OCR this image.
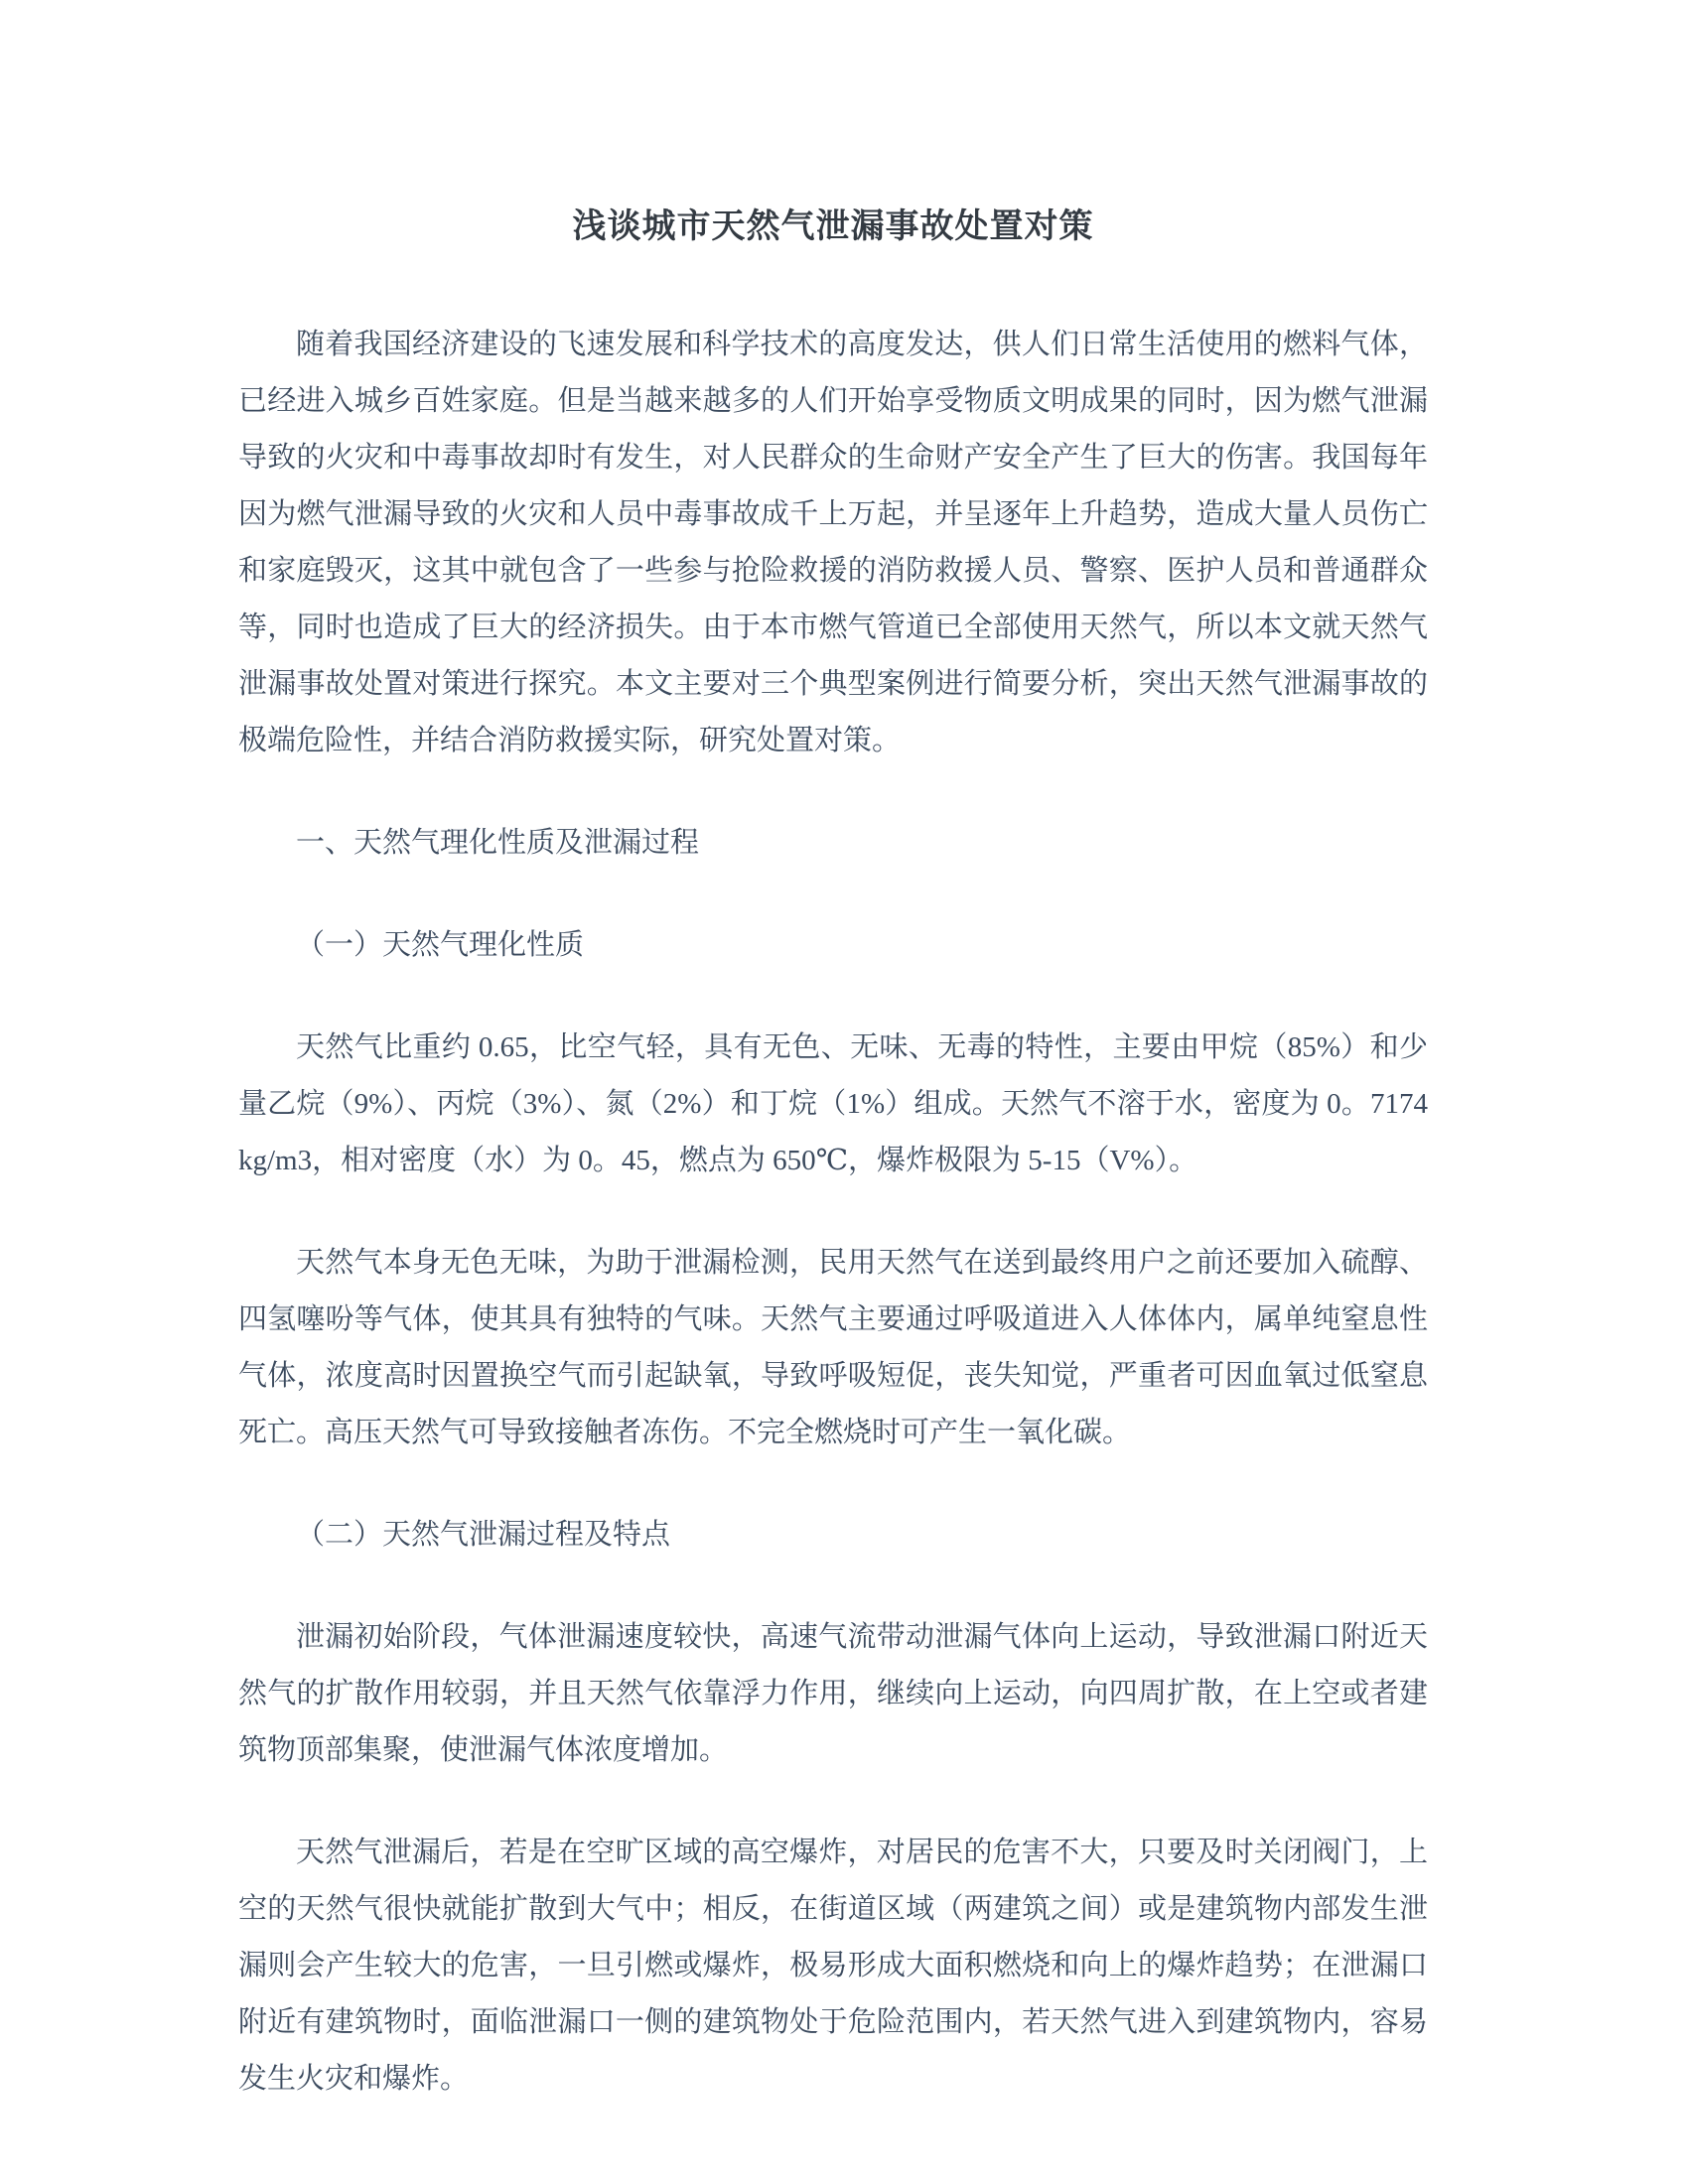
浅谈城市天然气泄漏事故处置对策

随着我国经济建设的飞速发展和科学技术的高度发达，供人们日常生活使用的燃料气体，已经进入城乡百姓家庭。但是当越来越多的人们开始享受物质文明成果的同时，因为燃气泄漏导致的火灾和中毒事故却时有发生，对人民群众的生命财产安全产生了巨大的伤害。我国每年因为燃气泄漏导致的火灾和人员中毒事故成千上万起，并呈逐年上升趋势，造成大量人员伤亡和家庭毁灭，这其中就包含了一些参与抢险救援的消防救援人员、警察、医护人员和普通群众等，同时也造成了巨大的经济损失。由于本市燃气管道已全部使用天然气，所以本文就天然气泄漏事故处置对策进行探究。本文主要对三个典型案例进行简要分析，突出天然气泄漏事故的极端危险性，并结合消防救援实际，研究处置对策。

一、天然气理化性质及泄漏过程

（一）天然气理化性质

天然气比重约 0.65，比空气轻，具有无色、无味、无毒的特性，主要由甲烷（85%）和少量乙烷（9%）、丙烷（3%）、氮（2%）和丁烷（1%）组成。天然气不溶于水，密度为 0。7174kg/m3，相对密度（水）为 0。45，燃点为 650℃，爆炸极限为 5-15（V%）。

天然气本身无色无味，为助于泄漏检测，民用天然气在送到最终用户之前还要加入硫醇、四氢噻吩等气体，使其具有独特的气味。天然气主要通过呼吸道进入人体体内，属单纯窒息性气体，浓度高时因置换空气而引起缺氧，导致呼吸短促，丧失知觉，严重者可因血氧过低窒息死亡。高压天然气可导致接触者冻伤。不完全燃烧时可产生一氧化碳。

（二）天然气泄漏过程及特点

泄漏初始阶段，气体泄漏速度较快，高速气流带动泄漏气体向上运动，导致泄漏口附近天然气的扩散作用较弱，并且天然气依靠浮力作用，继续向上运动，向四周扩散，在上空或者建筑物顶部集聚，使泄漏气体浓度增加。

天然气泄漏后，若是在空旷区域的高空爆炸，对居民的危害不大，只要及时关闭阀门，上空的天然气很快就能扩散到大气中；相反，在街道区域（两建筑之间）或是建筑物内部发生泄漏则会产生较大的危害，一旦引燃或爆炸，极易形成大面积燃烧和向上的爆炸趋势；在泄漏口附近有建筑物时，面临泄漏口一侧的建筑物处于危险范围内，若天然气进入到建筑物内，容易发生火灾和爆炸。
